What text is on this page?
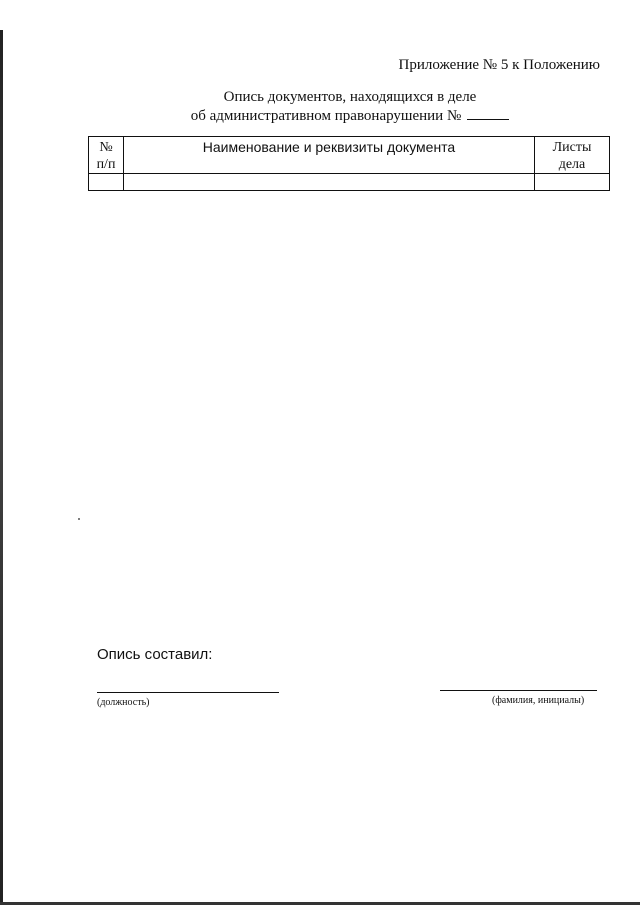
Приложение № 5 к Положению
Опись документов, находящихся в деле
об административном правонарушении №
№
п/п	Наименование и реквизиты документа	Листы
дела

Опись составил:
(должность)	(фамилия, инициалы)
